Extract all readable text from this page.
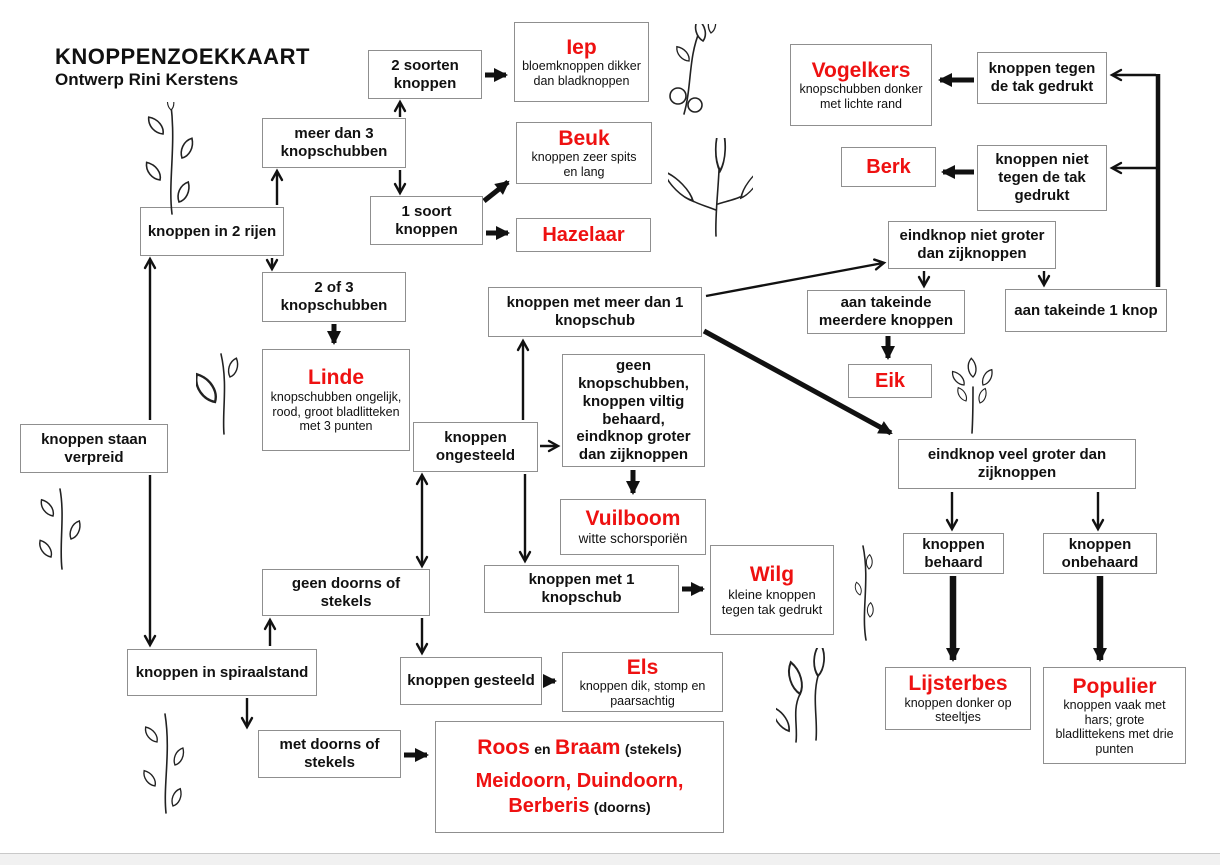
KNOPPENZOEKKAART
Ontwerp Rini Kerstens
2 soorten knoppen
meer dan 3 knopschubben
1 soort knoppen
knoppen in 2 rijen
2 of 3 knopschubben
knoppen tegen de tak gedrukt
knoppen niet tegen de tak gedrukt
eindknop niet groter dan zijknoppen
aan takeinde meerdere knoppen
aan takeinde 1 knop
knoppen met meer dan 1 knopschub
geen knopschubben, knoppen viltig behaard, eindknop groter dan zijknoppen
knoppen ongesteeld
knoppen staan verpreid	eindknop veel groter dan zijknoppen
knoppen met 1 knopschub
geen doorns of stekels
knoppen behaard
knoppen onbehaard
knoppen in spiraalstand	knoppen gesteeld
met doorns of stekels
Iep
bloemknoppen dikker dan bladknoppen
Beuk
knoppen zeer spits en lang
Hazelaar
Vogelkers
knopschubben donker met lichte rand
Berk
Eik
Linde
knopschubben ongelijk, rood, groot bladlitteken met 3 punten
Vuilboom
witte schorsporiën
Wilg
kleine knoppen tegen tak gedrukt
Els
knoppen dik, stomp en paarsachtig
Lijsterbes
knoppen donker op steeltjes
Populier
knoppen vaak met hars; grote bladlittekens met drie punten
Roos en Braam (stekels)
Meidoorn, Duindoorn,
Berberis (doorns)
